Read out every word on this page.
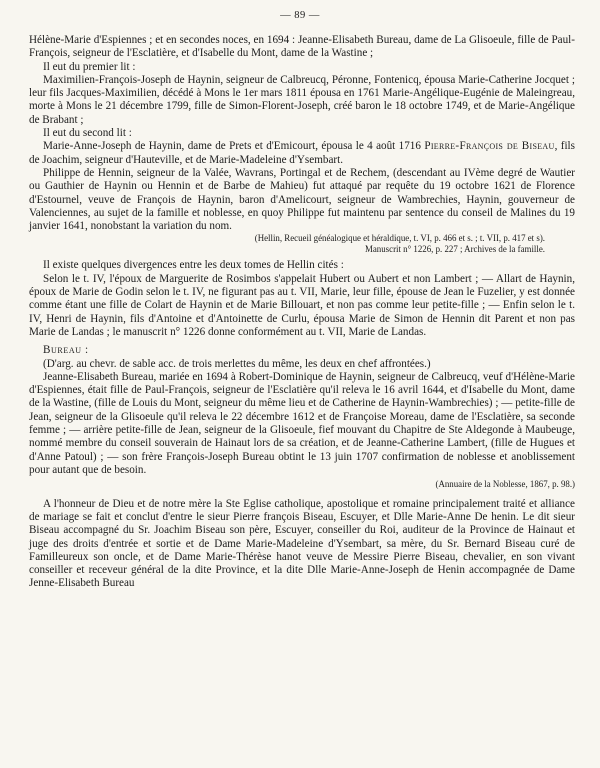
— 89 —

Hélène-Marie d'Espiennes ; et en secondes noces, en 1694 : Jeanne-Elisabeth Bureau, dame de La Glisoeule, fille de Paul-François, seigneur de l'Esclatière, et d'Isabelle du Mont, dame de la Wastine ;

Il eut du premier lit :

Maximilien-François-Joseph de Haynin, seigneur de Calbreucq, Péronne, Fontenicq, épousa Marie-Catherine Jocquet ; leur fils Jacques-Maximilien, décédé à Mons le 1er mars 1811 épousa en 1761 Marie-Angélique-Eugénie de Maleingreau, morte à Mons le 21 décembre 1799, fille de Simon-Florent-Joseph, créé baron le 18 octobre 1749, et de Marie-Angélique de Brabant ;

Il eut du second lit :

Marie-Anne-Joseph de Haynin, dame de Prets et d'Emicourt, épousa le 4 août 1716 Pierre-François de Biseau, fils de Joachim, seigneur d'Hauteville, et de Marie-Madeleine d'Ysembart.

Philippe de Hennin, seigneur de la Valée, Wavrans, Portingal et de Rechem, (descendant au IVème degré de Wautier ou Gauthier de Haynin ou Hennin et de Barbe de Mahieu) fut attaqué par requête du 19 octobre 1621 de Florence d'Estournel, veuve de François de Haynin, baron d'Amelicourt, seigneur de Wambrechies, Haynin, gouverneur de Valenciennes, au sujet de la famille et noblesse, en quoy Philippe fut maintenu par sentence du conseil de Malines du 19 janvier 1641, nonobstant la variation du nom.

(Hellin, Recueil généalogique et héraldique, t. VI, p. 466 et s. ; t. VII, p. 417 et s).
Manuscrit n° 1226, p. 227 ; Archives de la famille.

Il existe quelques divergences entre les deux tomes de Hellin cités :

Selon le t. IV, l'époux de Marguerite de Rosimbos s'appelait Hubert ou Aubert et non Lambert ; — Allart de Haynin, époux de Marie de Godin selon le t. IV, ne figurant pas au t. VII, Marie, leur fille, épouse de Jean le Fuzelier, y est donnée comme étant une fille de Colart de Haynin et de Marie Billouart, et non pas comme leur petite-fille ; — Enfin selon le t. IV, Henri de Haynin, fils d'Antoine et d'Antoinette de Curlu, épousa Marie de Simon de Hennin dit Parent et non pas Marie de Landas ; le manuscrit n° 1226 donne conformément au t. VII, Marie de Landas.

Bureau :

(D'arg. au chevr. de sable acc. de trois merlettes du même, les deux en chef affrontées.)

Jeanne-Elisabeth Bureau, mariée en 1694 à Robert-Dominique de Haynin, seigneur de Calbreucq, veuf d'Hélène-Marie d'Espiennes, était fille de Paul-François, seigneur de l'Esclatière qu'il releva le 16 avril 1644, et d'Isabelle du Mont, dame de la Wastine, (fille de Louis du Mont, seigneur du même lieu et de Catherine de Haynin-Wambrechies) ; — petite-fille de Jean, seigneur de la Glisoeule qu'il releva le 22 décembre 1612 et de Françoise Moreau, dame de l'Esclatière, sa seconde femme ; — arrière petite-fille de Jean, seigneur de la Glisoeule, fief mouvant du Chapitre de Ste Aldegonde à Maubeuge, nommé membre du conseil souverain de Hainaut lors de sa création, et de Jeanne-Catherine Lambert, (fille de Hugues et d'Anne Patoul) ; — son frère François-Joseph Bureau obtint le 13 juin 1707 confirmation de noblesse et anoblissement pour autant que de besoin.

(Annuaire de la Noblesse, 1867, p. 98.)

A l'honneur de Dieu et de notre mère la Ste Eglise catholique, apostolique et romaine principalement traité et alliance de mariage se fait et conclut d'entre le sieur Pierre françois Biseau, Escuyer, et Dlle Marie-Anne De henin. Le dit sieur Biseau accompagné du Sr. Joachim Biseau son père, Escuyer, conseiller du Roi, auditeur de la Province de Hainaut et juge des droits d'entrée et sortie et de Dame Marie-Madeleine d'Ysembart, sa mère, du Sr. Bernard Biseau curé de Familleureux son oncle, et de Dame Marie-Thérèse hanot veuve de Messire Pierre Biseau, chevalier, en son vivant conseiller et receveur général de la dite Province, et la dite Dlle Marie-Anne-Joseph de Henin accompagnée de Dame Jenne-Elisabeth Bureau
